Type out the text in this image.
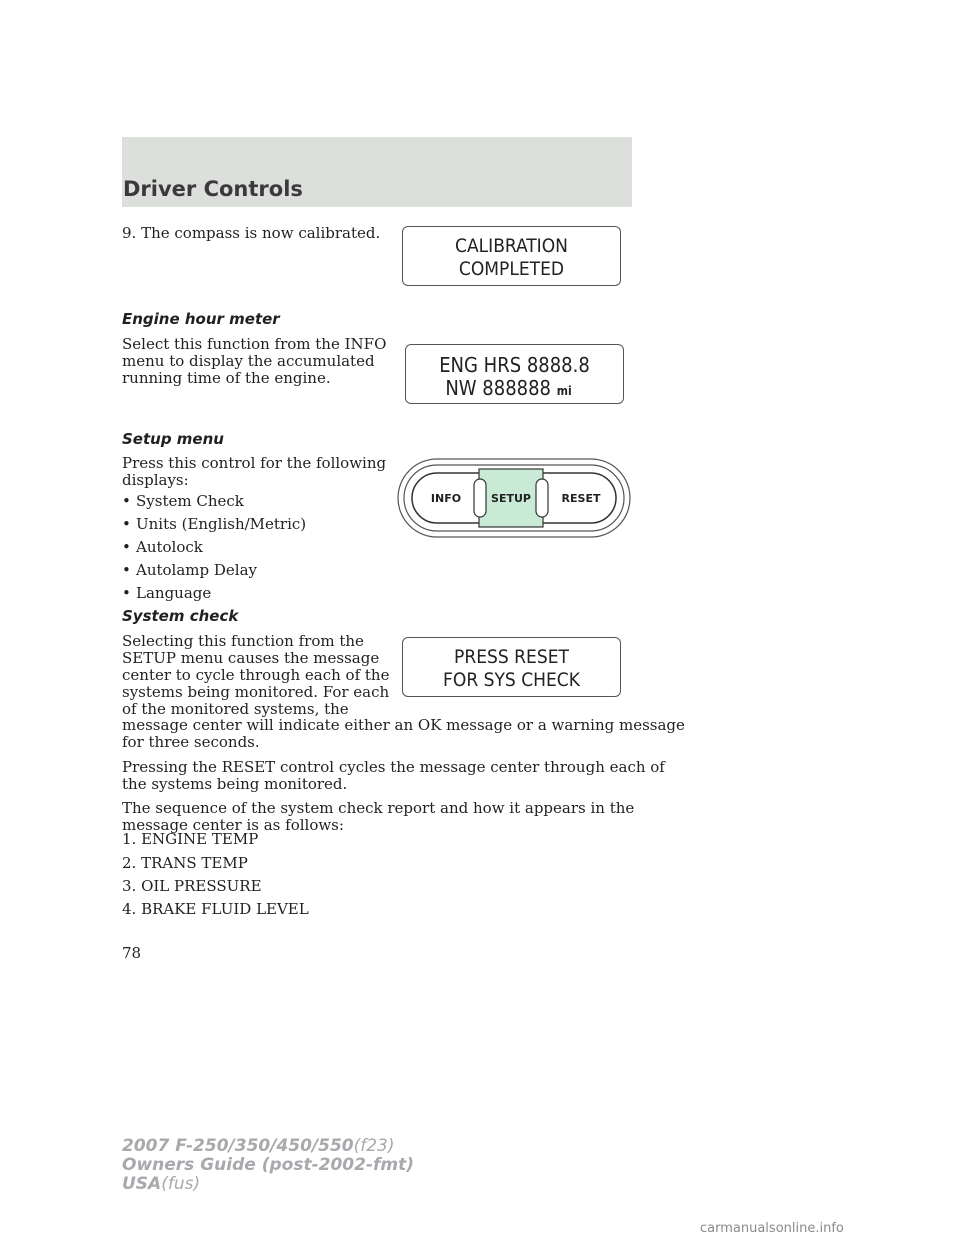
Driver Controls
9. The compass is now calibrated.
CALIBRATION
COMPLETED
Engine hour meter
Select this function from the INFO
menu to display the accumulated
running time of the engine.
ENG HRS 8888.8
NW 888888 mi
Setup menu
Press this control for the following
displays:
• System Check
• Units (English/Metric)
• Autolock
• Autolamp Delay
• Language
INFO	SETUP	RESET
System check
Selecting this function from the
SETUP menu causes the message
center to cycle through each of the
systems being monitored. For each
of the monitored systems, the
message center will indicate either an OK message or a warning message
for three seconds.
PRESS RESET
FOR SYS CHECK
Pressing the RESET control cycles the message center through each of
the systems being monitored.
The sequence of the system check report and how it appears in the
message center is as follows:
1. ENGINE TEMP
2. TRANS TEMP
3. OIL PRESSURE
4. BRAKE FLUID LEVEL
78
2007 F-250/350/450/550(f23)
Owners Guide (post-2002-fmt)
USA(fus)
carmanualsonline.info
